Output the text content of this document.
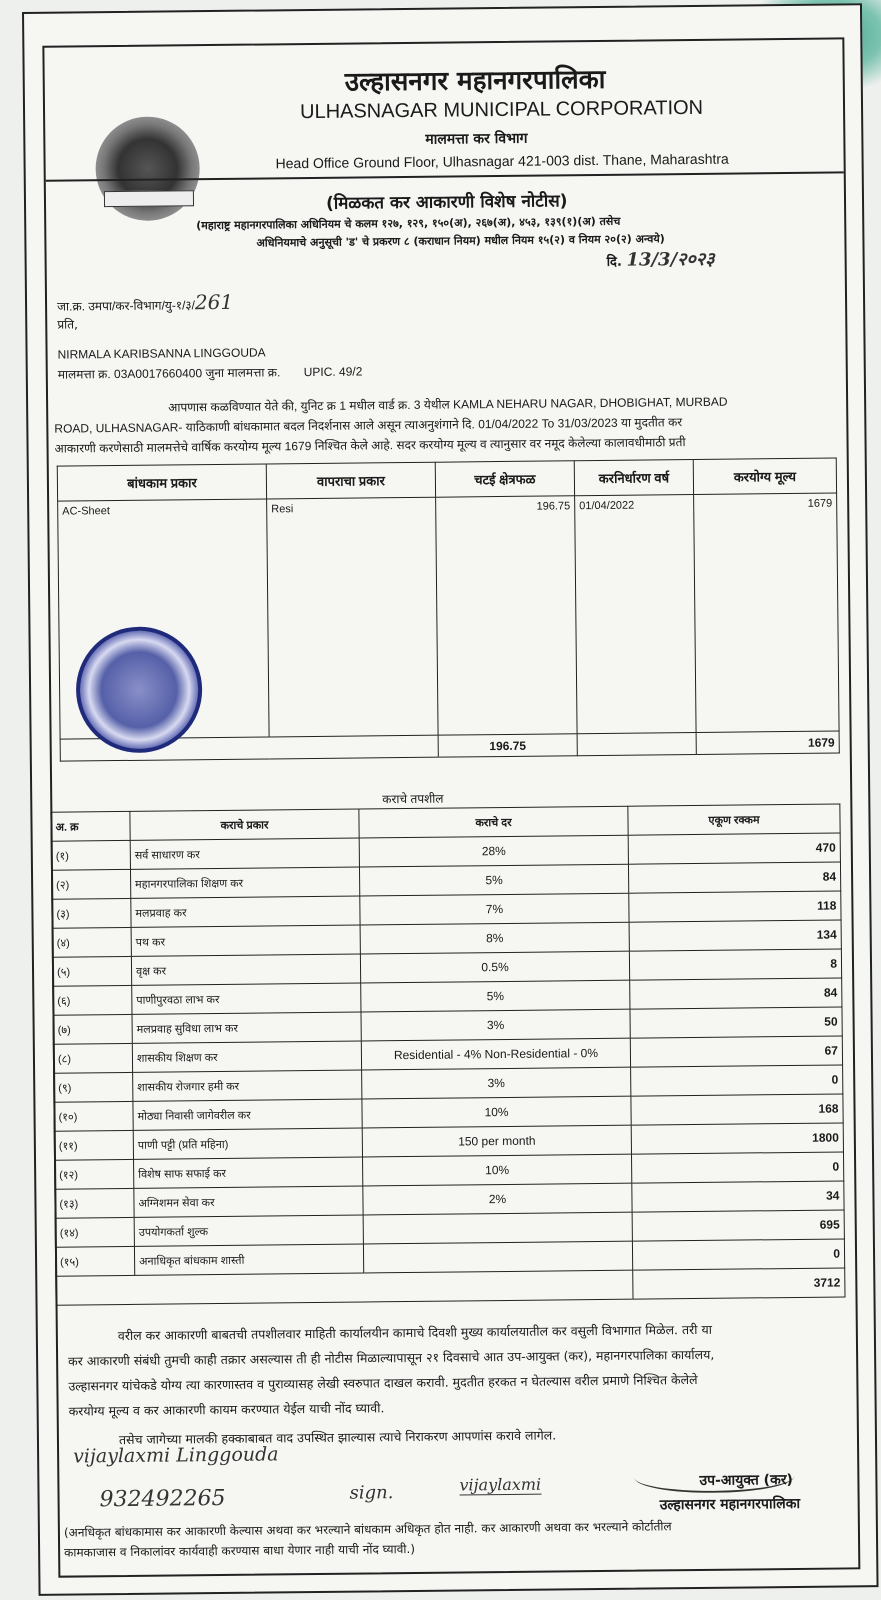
उल्हासनगर महानगरपालिका
ULHASNAGAR MUNICIPAL CORPORATION
मालमत्ता कर विभाग
Head Office Ground Floor, Ulhasnagar 421-003 dist. Thane, Maharashtra
(मिळकत कर आकारणी विशेष नोटीस)
(महाराष्ट्र महानगरपालिका अधिनियम चे कलम १२७, १२९, १५०(अ), २६७(अ), ४५३, १३९(१)(अ) तसेच
अधिनियमाचे अनुसूची 'ड' चे प्रकरण ८ (कराधान नियम) मधील नियम १५(२) व नियम २०(२) अन्वये)
दि. 13/3/२०२३
जा.क्र. उमपा/कर-विभाग/यु-१/३/261
प्रति,
NIRMALA KARIBSANNA LINGGOUDA
मालमत्ता क्र. 03A0017660400 जुना मालमत्ता क्र. UPIC. 49/2
आपणास कळविण्यात येते की, युनिट क्र 1 मधील वार्ड क्र. 3 येथील KAMLA NEHARU NAGAR, DHOBIGHAT, MURBAD
ROAD, ULHASNAGAR- याठिकाणी बांधकामात बदल निदर्शनास आले असून त्याअनुशंगाने दि. 01/04/2022 To 31/03/2023 या मुदतीत कर
आकारणी करणेसाठी मालमत्तेचे वार्षिक करयोग्य मूल्य 1679 निश्चित केले आहे. सदर करयोग्य मूल्य व त्यानुसार वर नमूद केलेल्या कालावधीमाठी प्रती
बांधकाम प्रकार	वापराचा प्रकार	चटई क्षेत्रफळ	करनिर्धारण वर्ष	करयोग्य मूल्य
AC-Sheet	Resi	196.75	01/04/2022	1679
		196.75		1679
कराचे तपशील
अ. क्र	कराचे प्रकार	कराचे दर	एकूण रक्कम
(१)	सर्व साधारण कर	28%	470
(२)	महानगरपालिका शिक्षण कर	5%	84
(३)	मलप्रवाह कर	7%	118
(४)	पथ कर	8%	134
(५)	वृक्ष कर	0.5%	8
(६)	पाणीपुरवठा लाभ कर	5%	84
(७)	मलप्रवाह सुविधा लाभ कर	3%	50
(८)	शासकीय शिक्षण कर	Residential - 4% Non-Residential - 0%	67
(९)	शासकीय रोजगार हमी कर	3%	0
(१०)	मोठ्या निवासी जागेवरील कर	10%	168
(११)	पाणी पट्टी (प्रति महिना)	150 per month	1800
(१२)	विशेष साफ सफाई कर	10%	0
(१३)	अग्निशमन सेवा कर	2%	34
(१४)	उपयोगकर्ता शुल्क		695
(१५)	अनाधिकृत बांधकाम शास्ती		0
			3712
वरील कर आकारणी बाबतची तपशीलवार माहिती कार्यालयीन कामाचे दिवशी मुख्य कार्यालयातील कर वसुली विभागात मिळेल. तरी या
कर आकारणी संबंधी तुमची काही तक्रार असल्यास ती ही नोटीस मिळाल्यापासून २१ दिवसाचे आत उप-आयुक्त (कर), महानगरपालिका कार्यालय,
उल्हासनगर यांचेकडे योग्य त्या कारणास्तव व पुराव्यासह लेखी स्वरुपात दाखल करावी. मुदतीत हरकत न घेतल्यास वरील प्रमाणे निश्चित केलेले
करयोग्य मूल्य व कर आकारणी कायम करण्यात येईल याची नोंद घ्यावी.
तसेच जागेच्या मालकी हक्काबाबत वाद उपस्थित झाल्यास त्याचे निराकरण आपणांस करावे लागेल.
vijaylaxmi Linggouda
932492265	sign.	vijaylaxmi	उप-आयुक्त (कर)
उल्हासनगर महानगरपालिका
(अनधिकृत बांधकामास कर आकारणी केल्यास अथवा कर भरल्याने बांधकाम अधिकृत होत नाही. कर आकारणी अथवा कर भरल्याने कोर्टातील
कामकाजास व निकालांवर कार्यवाही करण्यास बाधा येणार नाही याची नोंद घ्यावी.)
